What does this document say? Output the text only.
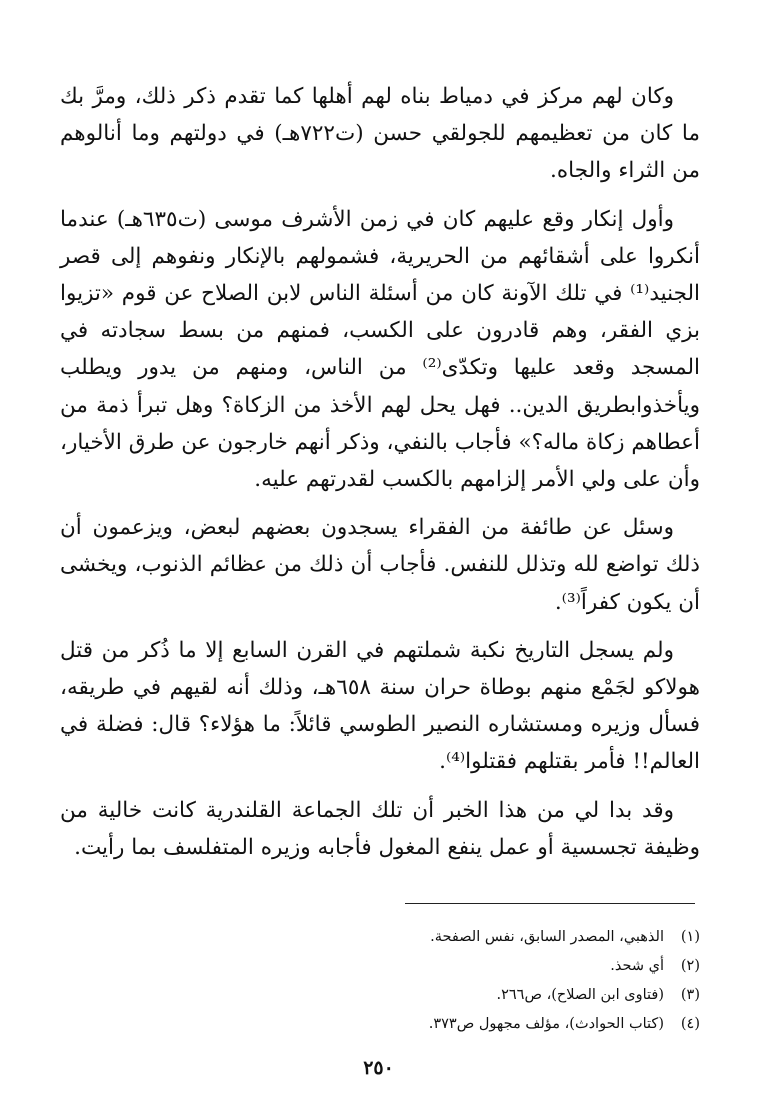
وكان لهم مركز في دمياط بناه لهم أهلها كما تقدم ذكر ذلك، ومرَّ بك ما كان من تعظيمهم للجولقي حسن (ت٧٢٢هـ) في دولتهم وما أنالوهم من الثراء والجاه.

وأول إنكار وقع عليهم كان في زمن الأشرف موسى (ت٦٣٥هـ) عندما أنكروا على أشقائهم من الحريرية، فشمولهم بالإنكار ونفوهم إلى قصر الجنيد⁽¹⁾ في تلك الآونة كان من أسئلة الناس لابن الصلاح عن قوم «تزيوا بزي الفقر، وهم قادرون على الكسب، فمنهم من بسط سجادته في المسجد وقعد عليها وتكدّى⁽²⁾ من الناس، ومنهم من يدور ويطلب ويأخذوابطريق الدين.. فهل يحل لهم الأخذ من الزكاة؟ وهل تبرأ ذمة من أعطاهم زكاة ماله؟» فأجاب بالنفي، وذكر أنهم خارجون عن طرق الأخيار، وأن على ولي الأمر إلزامهم بالكسب لقدرتهم عليه.

وسئل عن طائفة من الفقراء يسجدون بعضهم لبعض، ويزعمون أن ذلك تواضع لله وتذلل للنفس. فأجاب أن ذلك من عظائم الذنوب، ويخشى أن يكون كفراً⁽³⁾.

ولم يسجل التاريخ نكبة شملتهم في القرن السابع إلا ما ذُكر من قتل هولاكو لجَمْع منهم بوطاة حران سنة ٦٥٨هـ، وذلك أنه لقيهم في طريقه، فسأل وزيره ومستشاره النصير الطوسي قائلاً: ما هؤلاء؟ قال: فضلة في العالم!! فأمر بقتلهم فقتلوا⁽⁴⁾.

وقد بدا لي من هذا الخبر أن تلك الجماعة القلندرية كانت خالية من وظيفة تجسسية أو عمل ينفع المغول فأجابه وزيره المتفلسف بما رأيت.

(١)
الذهبي، المصدر السابق، نفس الصفحة.
(٢)
أي شحذ.
(٣)
(فتاوى ابن الصلاح)، ص٢٦٦.
(٤)
(كتاب الحوادث)، مؤلف مجهول ص٣٧٣.
٢٥٠
